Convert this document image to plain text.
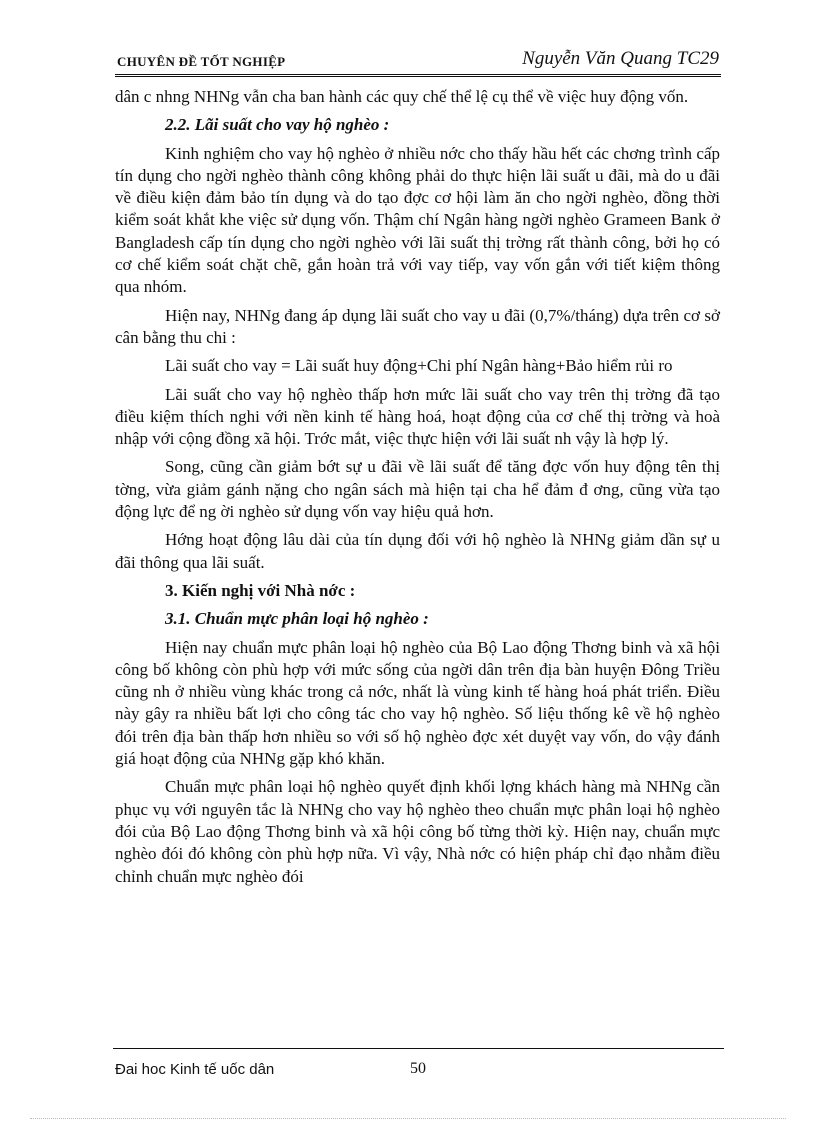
CHUYÊN ĐỀ TỐT NGHIỆP	Nguyễn Văn Quang TC29

dân c nhng NHNg vẫn cha ban hành các quy chế thể lệ cụ thể về việc huy động vốn.

2.2. Lãi suất cho vay hộ nghèo :

Kinh nghiệm cho vay hộ nghèo ở nhiều nớc cho thấy hầu hết các chơng trình cấp tín dụng cho ngời nghèo thành công không phải do thực hiện lãi suất u đãi, mà do u đãi về điều kiện đảm bảo tín dụng và do tạo đợc cơ hội làm ăn cho ngời nghèo, đồng thời kiểm soát khắt khe việc sử dụng vốn. Thậm chí Ngân hàng ngời nghèo Grameen Bank ở Bangladesh cấp tín dụng cho ngời nghèo với lãi suất thị trờng rất thành công, bởi họ có cơ chế kiểm soát chặt chẽ, gắn hoàn trả với vay tiếp, vay vốn gắn với tiết kiệm thông qua nhóm.

Hiện nay, NHNg đang áp dụng lãi suất cho vay u đãi (0,7%/tháng) dựa trên cơ sở cân bằng thu chi :

Lãi suất cho vay = Lãi suất huy động+Chi phí Ngân hàng+Bảo hiểm rủi ro

Lãi suất cho vay hộ nghèo thấp hơn mức lãi suất cho vay trên thị trờng đã tạo điều kiệm thích nghi với nền kinh tế hàng hoá, hoạt động của cơ chế thị trờng và hoà nhập với cộng đồng xã hội. Trớc mắt, việc thực hiện với lãi suất nh vậy là hợp lý.

Song, cũng cần giảm bớt sự u đãi về lãi suất để tăng đợc vốn huy động tên thị tờng, vừa giảm gánh nặng cho ngân sách mà hiện tại cha hể đảm đ ơng, cũng vừa tạo động lực để ng ời nghèo sử dụng vốn vay hiệu quả hơn.

Hớng hoạt động lâu dài của tín dụng đối với hộ nghèo là NHNg giảm dần sự u đãi thông qua lãi suất.

3. Kiến nghị với Nhà nớc :

3.1. Chuẩn mực phân loại hộ nghèo :

Hiện nay chuẩn mực phân loại hộ nghèo của Bộ Lao động Thơng binh và xã hội công bố không còn phù hợp với mức sống của ngời dân trên địa bàn huyện Đông Triều cũng nh ở nhiều vùng khác trong cả nớc, nhất là vùng kinh tế hàng hoá phát triển. Điều này gây ra nhiều bất lợi cho công tác cho vay hộ nghèo. Số liệu thống kê về hộ nghèo đói trên địa bàn thấp hơn nhiều so với số hộ nghèo đợc xét duyệt vay vốn, do vậy đánh giá hoạt động của NHNg gặp khó khăn.

Chuẩn mực phân loại hộ nghèo quyết định khối lợng khách hàng mà NHNg cần phục vụ với nguyên tắc là NHNg cho vay hộ nghèo theo chuẩn mực phân loại hộ nghèo đói của Bộ Lao động Thơng binh và xã hội công bố từng thời kỳ. Hiện nay, chuẩn mực nghèo đói đó không còn phù hợp nữa. Vì vậy, Nhà nớc có hiện pháp chỉ đạo nhằm điều chỉnh chuẩn mực nghèo đói

Đai hoc Kinh tế uốc dân	50
